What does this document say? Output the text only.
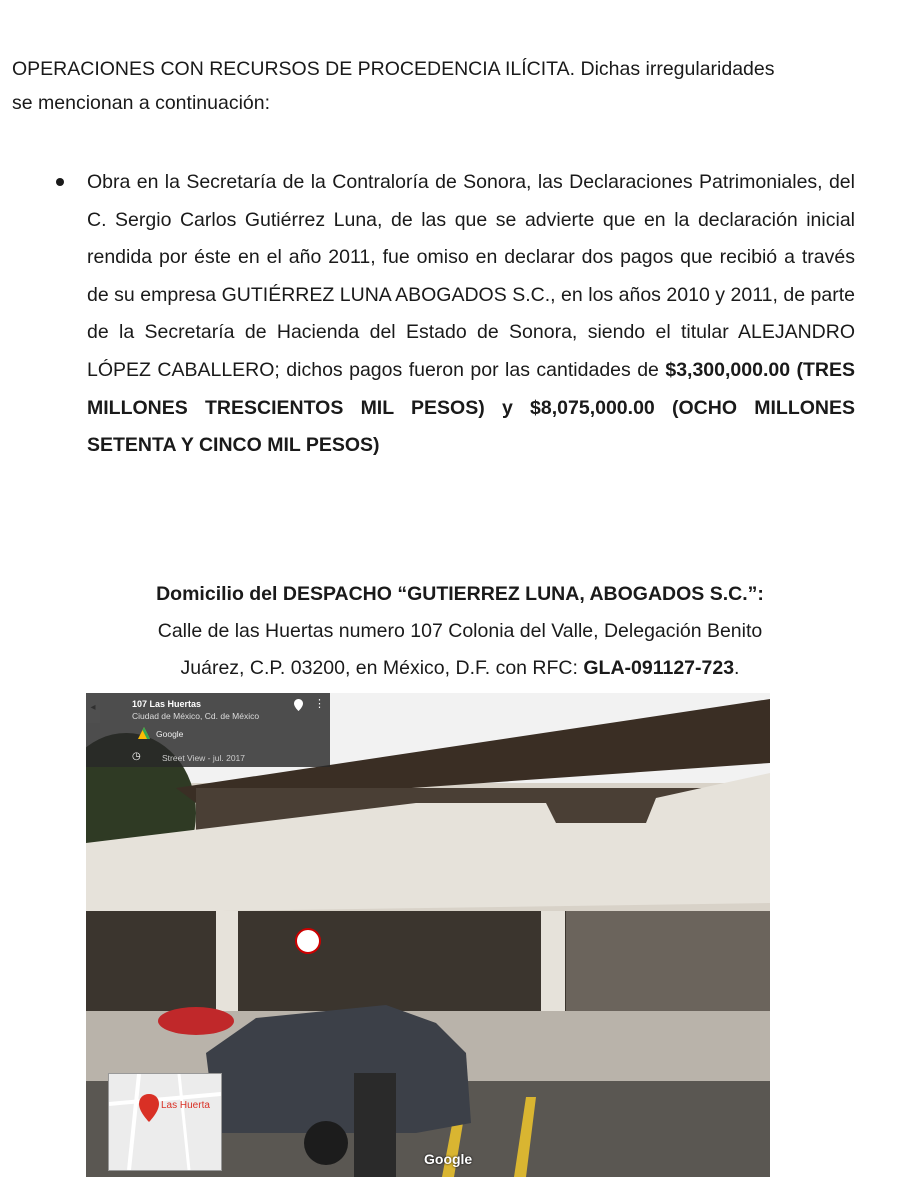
OPERACIONES CON RECURSOS DE PROCEDENCIA ILÍCITA. Dichas irregularidades
se mencionan a continuación:

Obra en la Secretaría de la Contraloría de Sonora, las Declaraciones Patrimoniales, del C. Sergio Carlos Gutiérrez Luna, de las que se advierte que en la declaración inicial rendida por éste en el año 2011, fue omiso en declarar dos pagos que recibió a través de su empresa GUTIÉRREZ LUNA ABOGADOS S.C., en los años 2010 y 2011, de parte de la Secretaría de Hacienda del Estado de Sonora, siendo el titular ALEJANDRO LÓPEZ CABALLERO; dichos pagos fueron por las cantidades de $3,300,000.00 (TRES MILLONES TRESCIENTOS MIL PESOS) y $8,075,000.00 (OCHO MILLONES SETENTA Y CINCO MIL PESOS)

Domicilio del DESPACHO “GUTIERREZ LUNA, ABOGADOS S.C.”:
Calle de las Huertas numero 107 Colonia del Valle, Delegación Benito
Juárez, C.P. 03200, en México, D.F. con RFC: GLA-091127-723.
107 Las Huertas
Ciudad de México, Cd. de México
Google
◷	Street View - jul. 2017
⋮
Las Huerta
Google
